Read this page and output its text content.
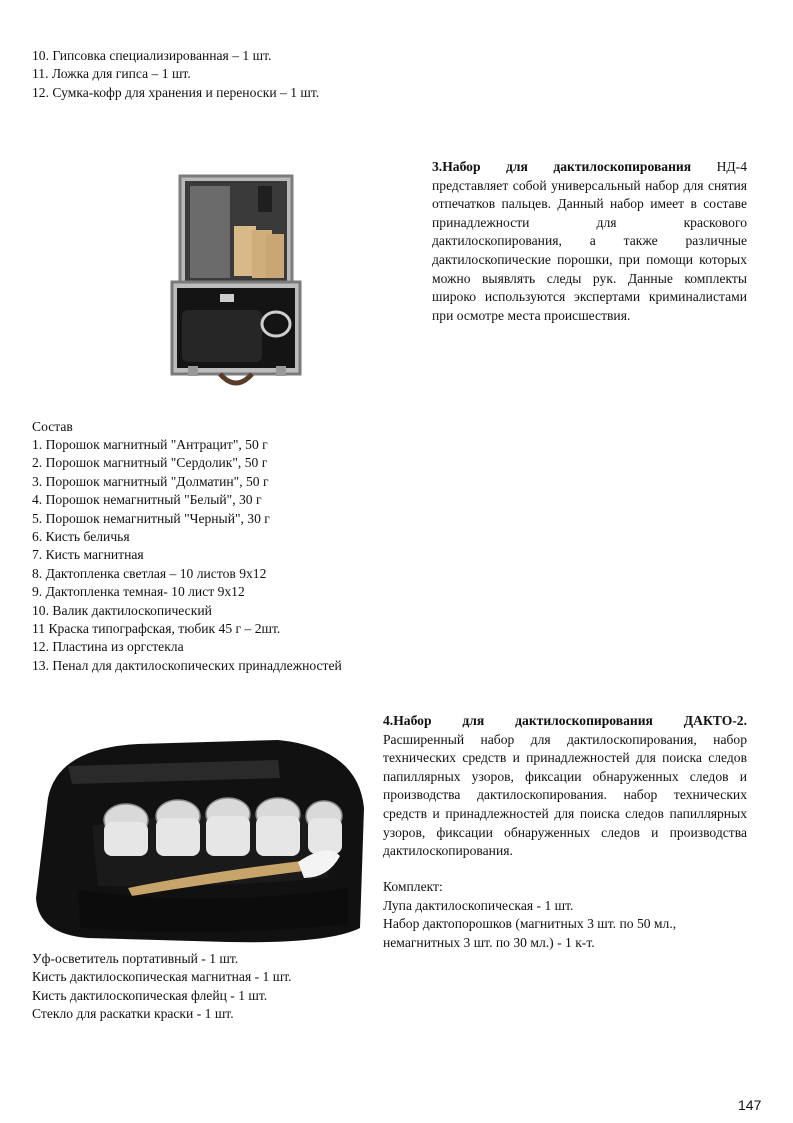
10. Гипсовка специализированная – 1 шт.
11. Ложка для гипса – 1 шт.
12. Сумка-кофр для хранения и переноски – 1 шт.

3.Набор для дактилоскопирования НД-4 представляет собой универсальный набор для снятия отпечатков пальцев. Данный набор имеет в составе принадлежности для красковoго дактилоскопирования, а также различные дактилоскопические порошки, при помощи которых можно выявлять следы рук. Данные комплекты широко используются экспертами криминалистами при осмотре места происшествия.

Состав

1. Порошок магнитный "Антрацит", 50 г
2. Порошок магнитный "Сердолик", 50 г
3. Порошок магнитный "Долматин", 50 г
4. Порошок немагнитный "Белый", 30 г
5. Порошок немагнитный "Черный", 30 г
6. Кисть беличья
7. Кисть магнитная
8. Дактопленка светлая – 10 листов 9x12
9. Дактопленка темная- 10 лист 9x12
10. Валик дактилоскопический
11 Краска типографская, тюбик 45 г – 2шт.
12. Пластина из оргстекла
13. Пенал для дактилоскопических принадлежностей

4.Набор для дактилоскопирования ДАКТО-2. Расширенный набор для дактилоскопирования, набор технических средств и принадлежностей для поиска следов папиллярных узоров, фиксации обнаруженных следов и производства дактилоскопирования. набор технических средств и принадлежностей для поиска следов папиллярных узоров, фиксации обнаруженных следов и производства дактилоскопирования.

Комплект:

Лупа дактилоскопическая - 1 шт.

Набор дактопорошков (магнитных 3 шт. по 50 мл., немагнитных 3 шт. по 30 мл.) - 1 к-т.

Уф-осветитель портативный - 1 шт.
Кисть дактилоскопическая магнитная - 1 шт.
Кисть дактилоскопическая флейц - 1 шт.
Стекло для раскатки краски - 1 шт.
147
